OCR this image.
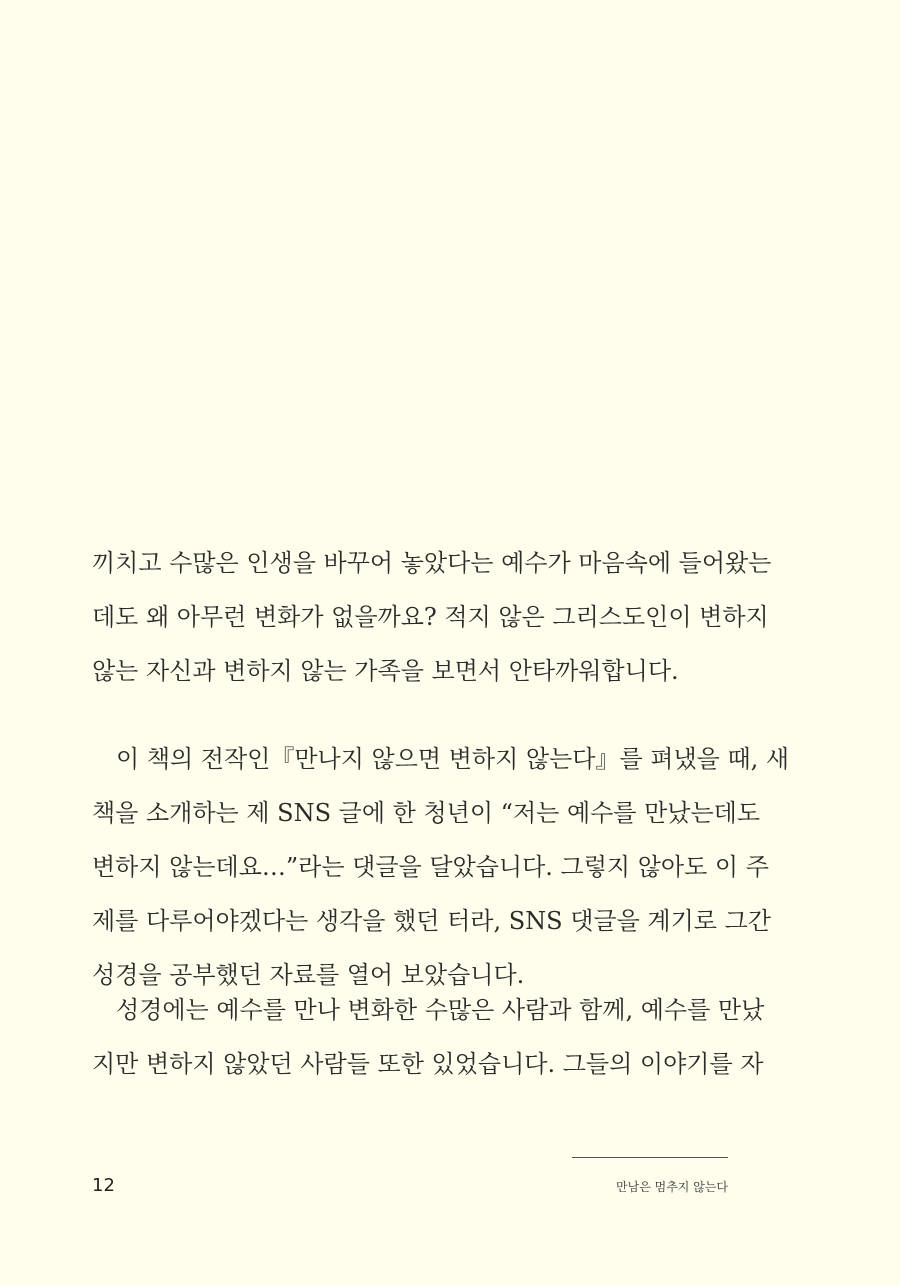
끼치고 수많은 인생을 바꾸어 놓았다는 예수가 마음속에 들어왔는
데도 왜 아무런 변화가 없을까요? 적지 않은 그리스도인이 변하지
않는 자신과 변하지 않는 가족을 보면서 안타까워합니다.
이 책의 전작인『만나지 않으면 변하지 않는다』를 펴냈을 때, 새
책을 소개하는 제 SNS 글에 한 청년이 “저는 예수를 만났는데도
변하지 않는데요…”라는 댓글을 달았습니다. 그렇지 않아도 이 주
제를 다루어야겠다는 생각을 했던 터라, SNS 댓글을 계기로 그간
성경을 공부했던 자료를 열어 보았습니다.
성경에는 예수를 만나 변화한 수많은 사람과 함께, 예수를 만났
지만 변하지 않았던 사람들 또한 있었습니다. 그들의 이야기를 자
12	만남은 멈추지 않는다
